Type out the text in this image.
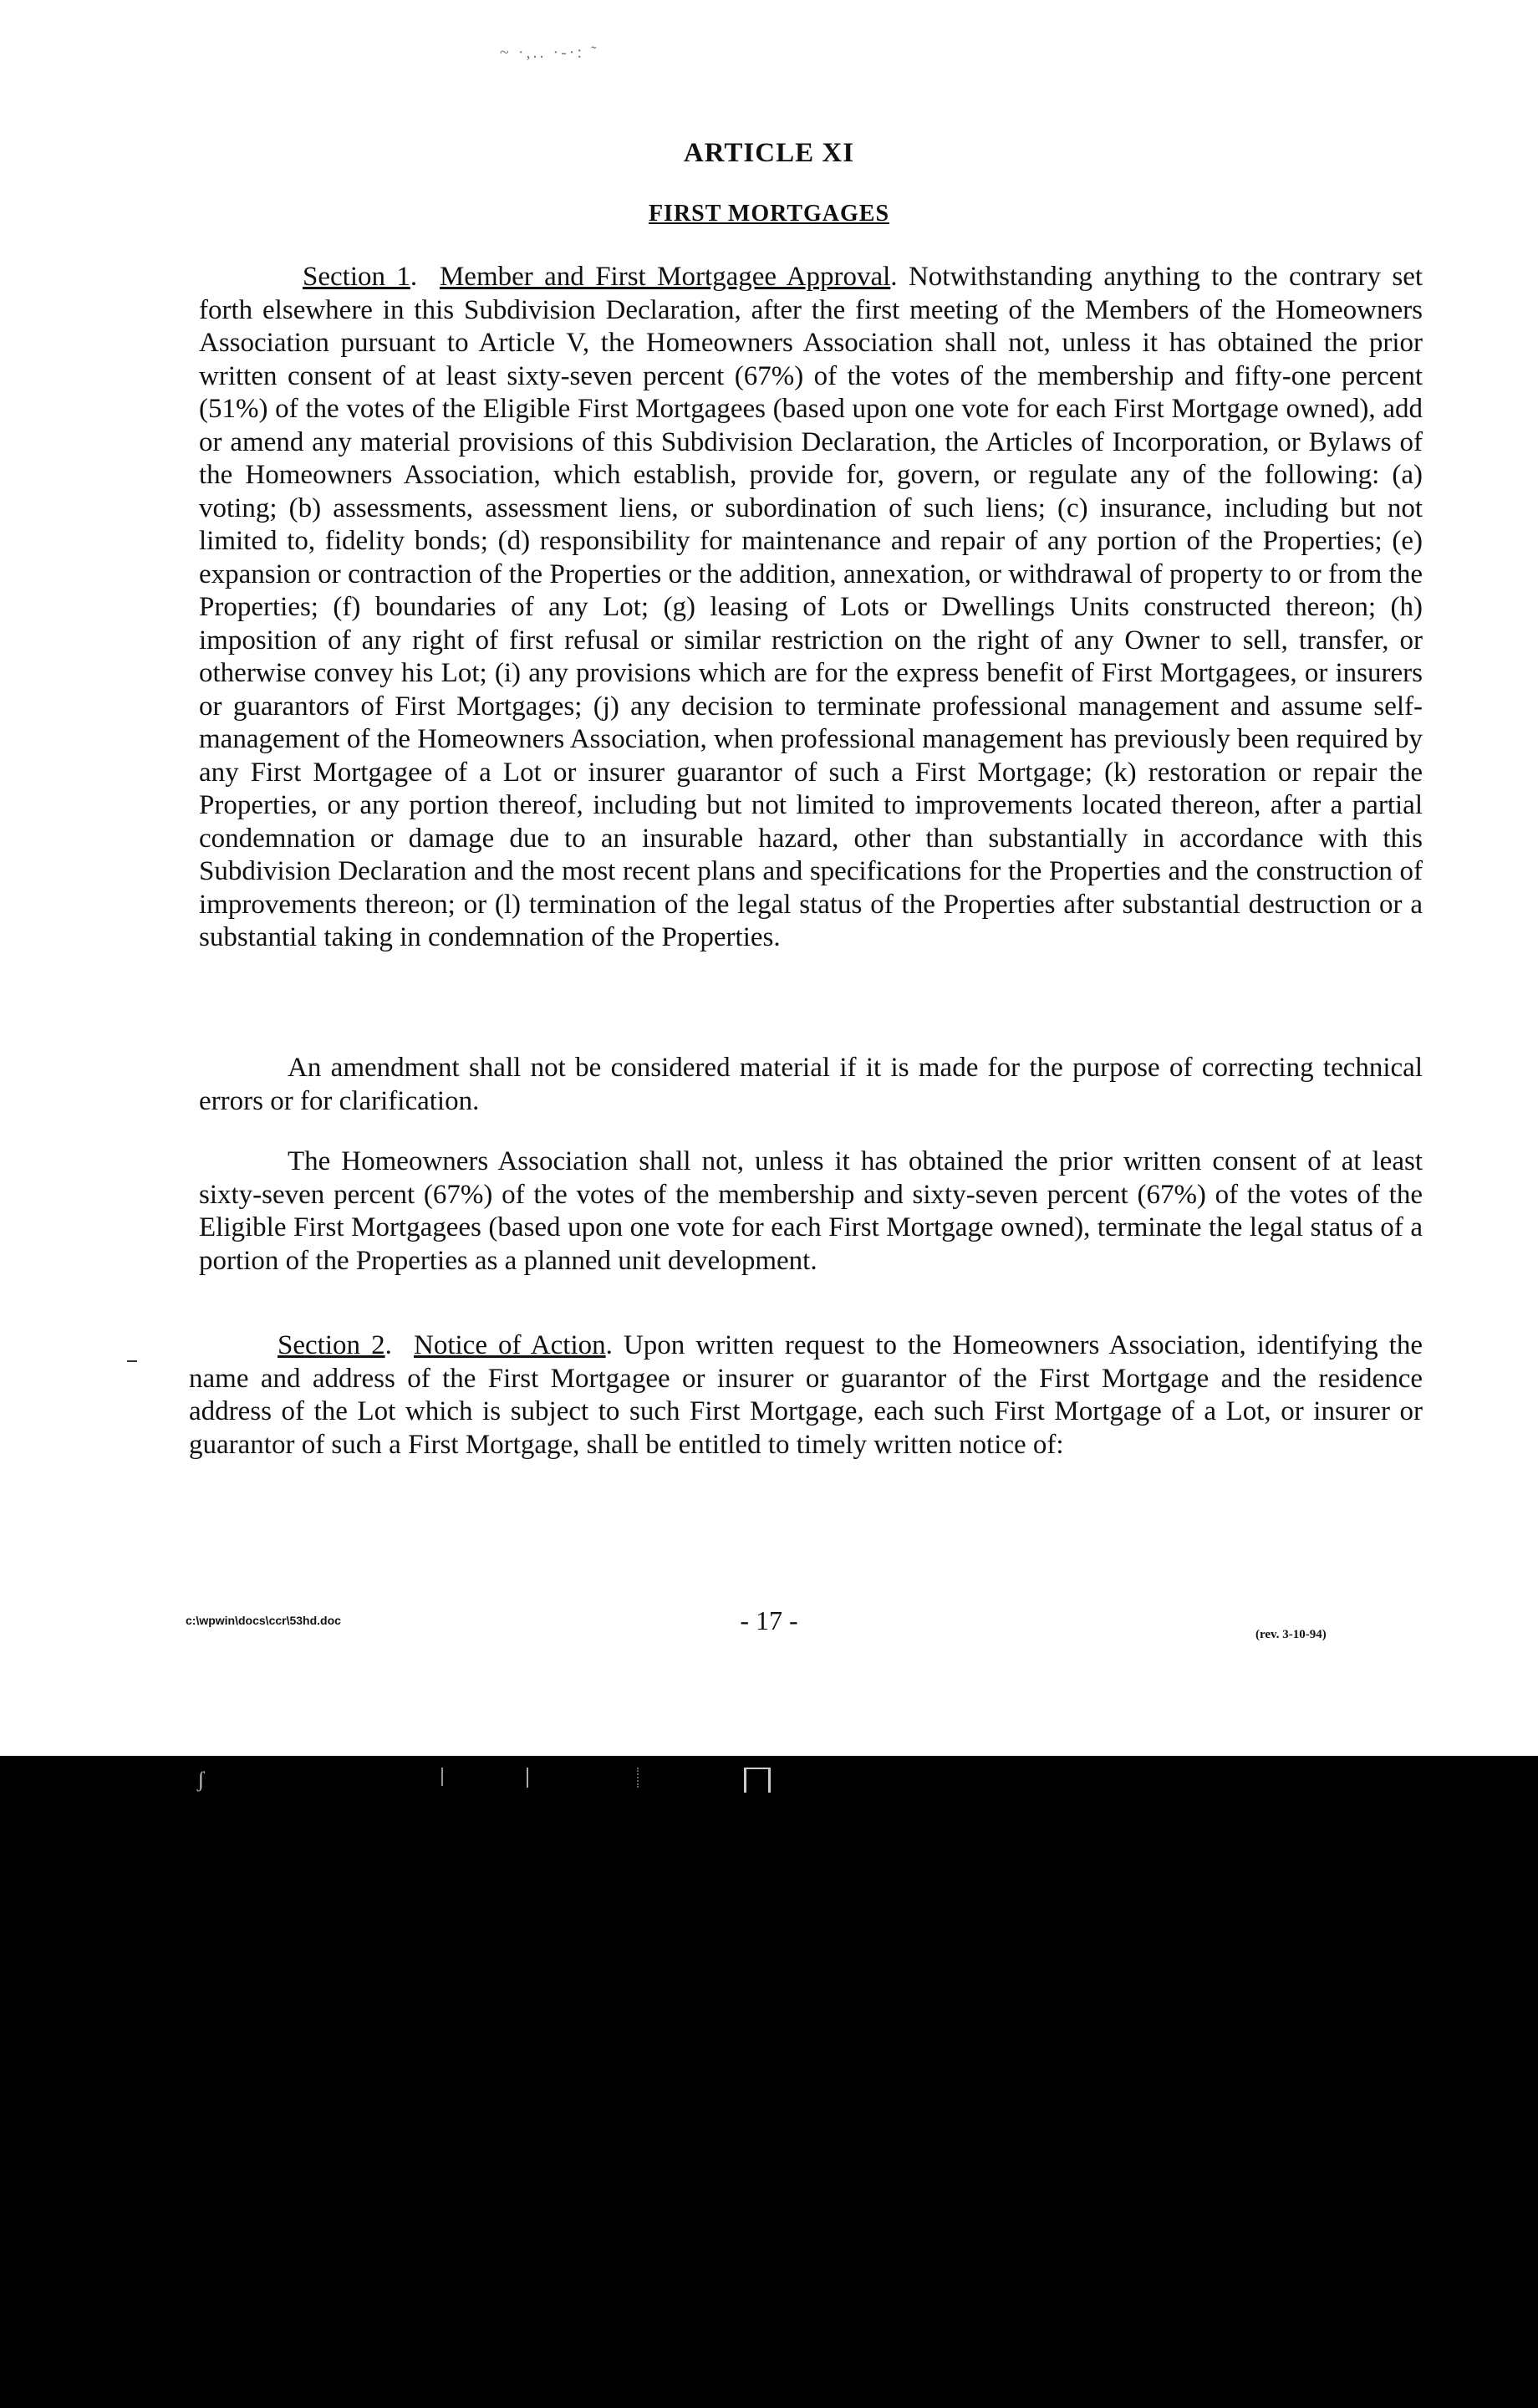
~ ·,.. ·-·: ˜
ARTICLE XI
FIRST MORTGAGES

Section 1.  Member and First Mortgagee Approval. Notwithstanding anything to the contrary set forth elsewhere in this Subdivision Declaration, after the first meeting of the Members of the Homeowners Association pursuant to Article V, the Homeowners Association shall not, unless it has obtained the prior written consent of at least sixty-seven percent (67%) of the votes of the membership and fifty-one percent (51%) of the votes of the Eligible First Mortgagees (based upon one vote for each First Mortgage owned), add or amend any material provisions of this Subdivision Declaration, the Articles of Incorporation, or Bylaws of the Homeowners Association, which establish, provide for, govern, or regulate any of the following: (a) voting; (b) assessments, assessment liens, or subordination of such liens; (c) insurance, including but not limited to, fidelity bonds; (d) responsibility for maintenance and repair of any portion of the Properties; (e) expansion or contraction of the Properties or the addition, annexation, or withdrawal of property to or from the Properties; (f) boundaries of any Lot; (g) leasing of Lots or Dwellings Units constructed thereon; (h) imposition of any right of first refusal or similar restriction on the right of any Owner to sell, transfer, or otherwise convey his Lot; (i) any provisions which are for the express benefit of First Mortgagees, or insurers or guarantors of First Mortgages; (j) any decision to terminate professional management and assume self-management of the Homeowners Association, when professional management has previously been required by any First Mortgagee of a Lot or insurer guarantor of such a First Mortgage; (k) restoration or repair the Properties, or any portion thereof, including but not limited to improvements located thereon, after a partial condemnation or damage due to an insurable hazard, other than substantially in accordance with this Subdivision Declaration and the most recent plans and specifications for the Properties and the construction of improvements thereon; or (l) termination of the legal status of the Properties after substantial destruction or a substantial taking in condemnation of the Properties.

An amendment shall not be considered material if it is made for the purpose of correcting technical errors or for clarification.

The Homeowners Association shall not, unless it has obtained the prior written consent of at least sixty-seven percent (67%) of the votes of the membership and sixty-seven percent (67%) of the votes of the Eligible First Mortgagees (based upon one vote for each First Mortgage owned), terminate the legal status of a portion of the Properties as a planned unit development.

Section 2.  Notice of Action. Upon written request to the Homeowners Association, identifying the name and address of the First Mortgagee or insurer or guarantor of the First Mortgage and the residence address of the Lot which is subject to such First Mortgage, each such First Mortgage of a Lot, or insurer or guarantor of such a First Mortgage, shall be entitled to timely written notice of:

c:\wpwin\docs\ccr\53hd.doc	- 17 -	(rev. 3-10-94)
ʃ
